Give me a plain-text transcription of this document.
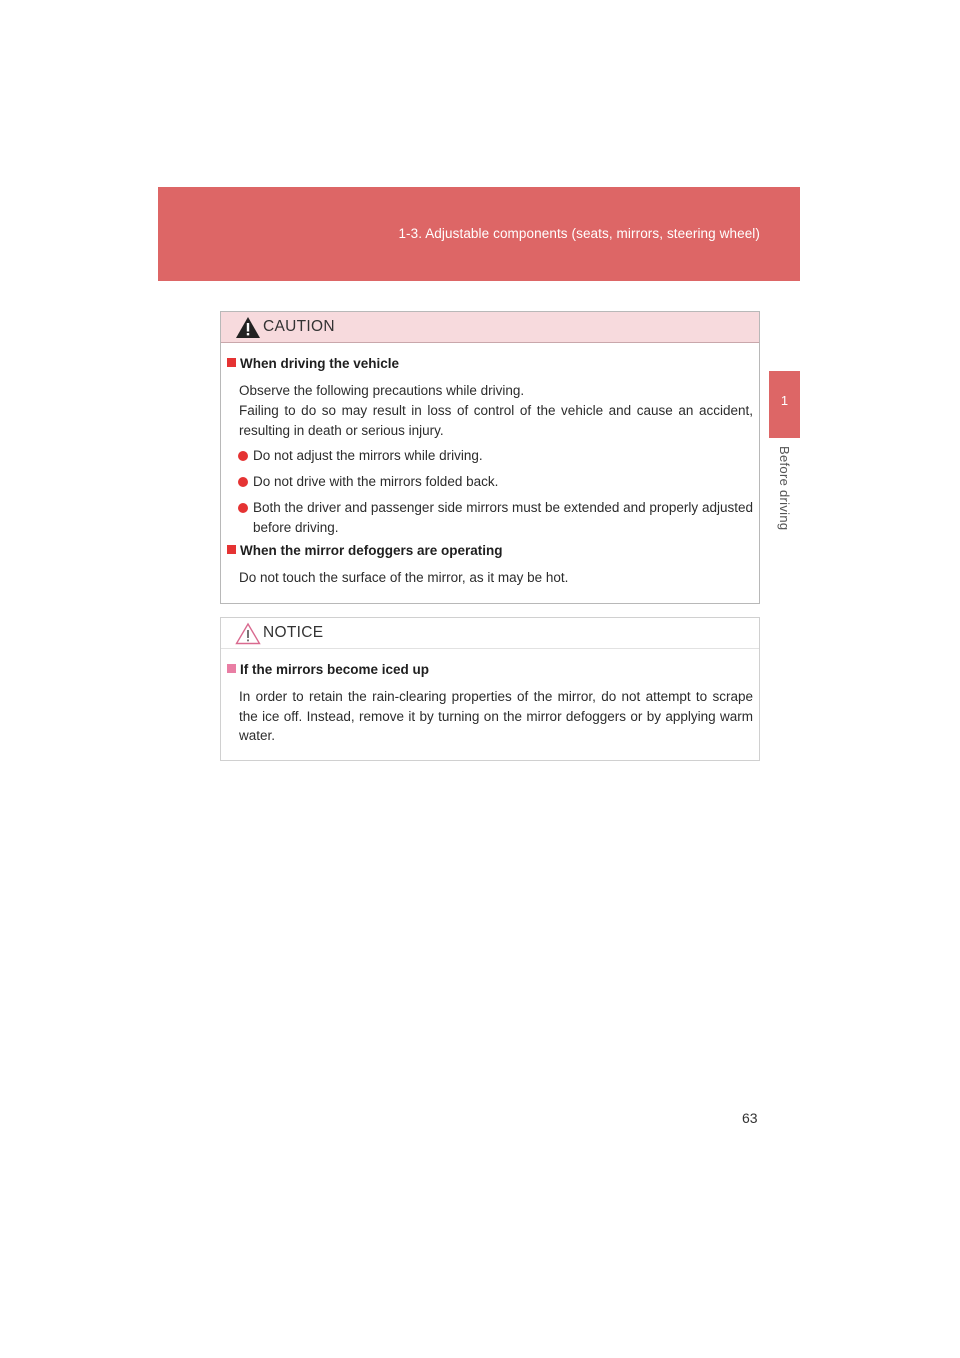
1-3. Adjustable components (seats, mirrors, steering wheel)
1
Before driving
CAUTION
When driving the vehicle
Observe the following precautions while driving.
Failing to do so may result in loss of control of the vehicle and cause an accident, resulting in death or serious injury.
Do not adjust the mirrors while driving.
Do not drive with the mirrors folded back.
Both the driver and passenger side mirrors must be extended and properly adjusted before driving.
When the mirror defoggers are operating
Do not touch the surface of the mirror, as it may be hot.
NOTICE
If the mirrors become iced up
In order to retain the rain-clearing properties of the mirror, do not attempt to scrape the ice off. Instead, remove it by turning on the mirror defoggers or by applying warm water.
63
